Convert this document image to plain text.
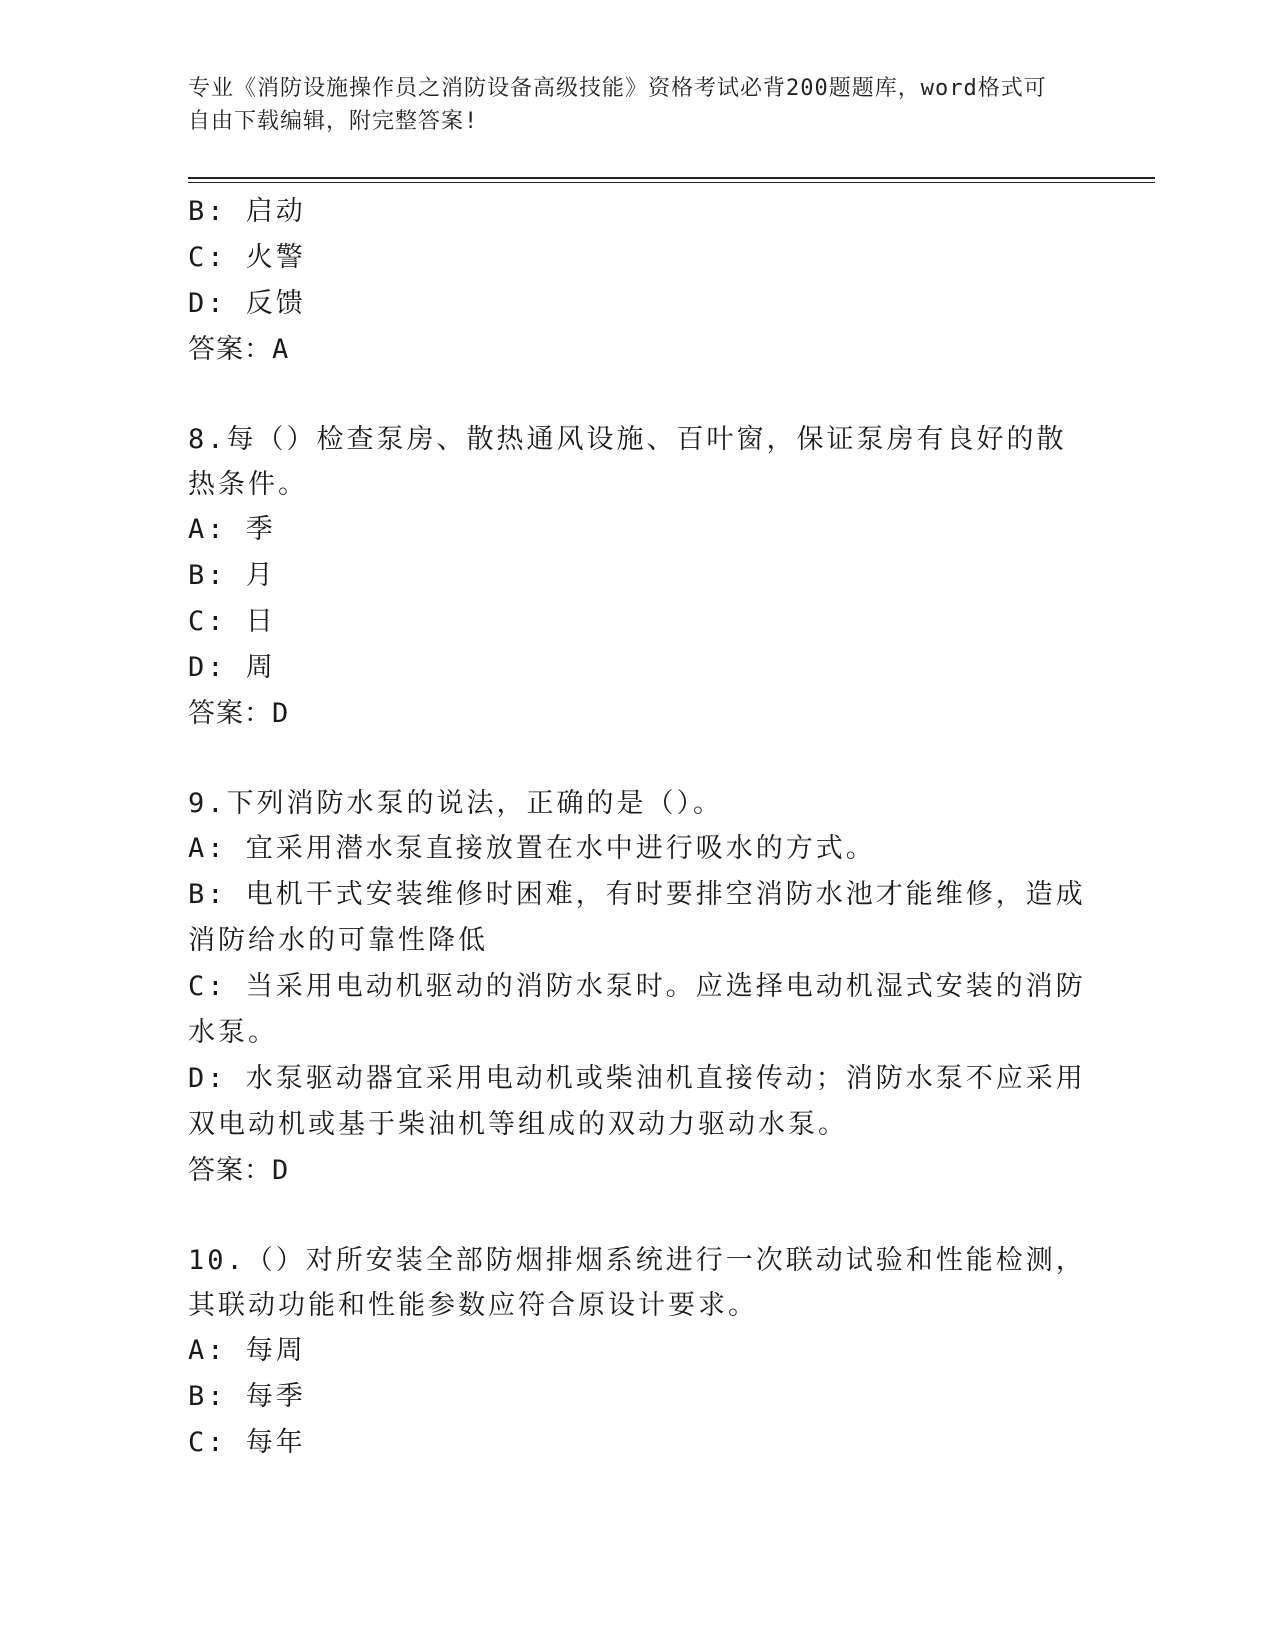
专业《消防设施操作员之消防设备高级技能》资格考试必背200题题库，word格式可自由下载编辑，附完整答案!
B: 启动
C: 火警
D: 反馈
答案：A
8.每（）检查泵房、散热通风设施、百叶窗，保证泵房有良好的散热条件。
A: 季
B: 月
C: 日
D: 周
答案：D
9.下列消防水泵的说法，正确的是（）。
A: 宜采用潜水泵直接放置在水中进行吸水的方式。
B: 电机干式安装维修时困难，有时要排空消防水池才能维修，造成消防给水的可靠性降低
C: 当采用电动机驱动的消防水泵时。应选择电动机湿式安装的消防水泵。
D: 水泵驱动器宜采用电动机或柴油机直接传动；消防水泵不应采用双电动机或基于柴油机等组成的双动力驱动水泵。
答案：D
10.（）对所安装全部防烟排烟系统进行一次联动试验和性能检测，其联动功能和性能参数应符合原设计要求。
A: 每周
B: 每季
C: 每年
